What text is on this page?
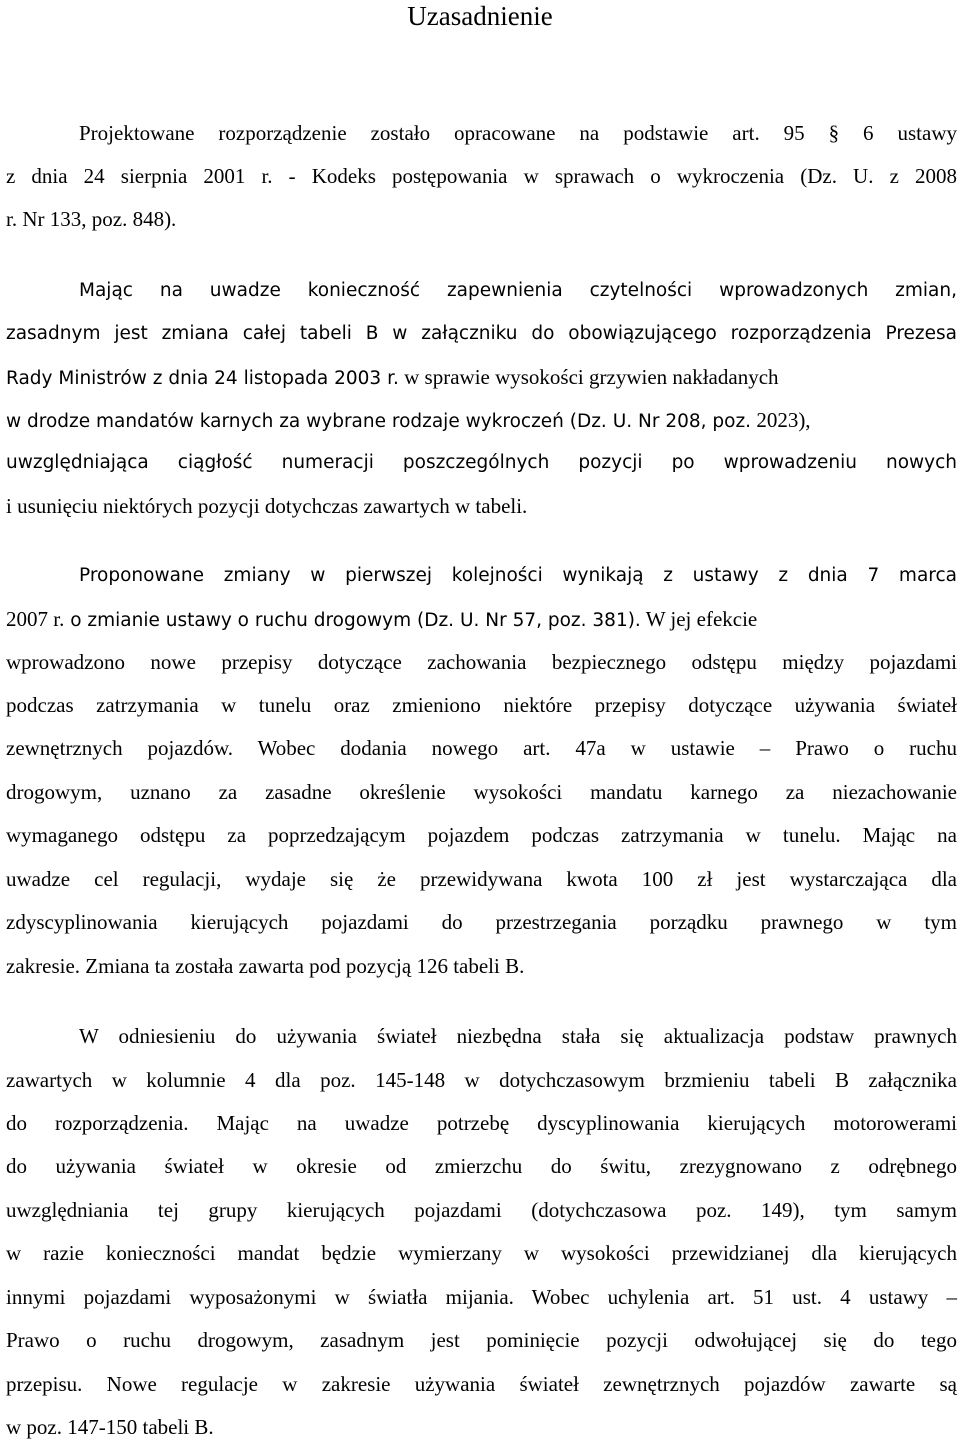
Uzasadnienie

Projektowane rozporządzenie zostało opracowane na podstawie art. 95 § 6 ustawy

z dnia 24 sierpnia 2001 r. - Kodeks postępowania w sprawach o wykroczenia (Dz. U. z 2008

r. Nr 133, poz. 848).

Mając na uwadze konieczność zapewnienia czytelności wprowadzonych zmian,

zasadnym jest zmiana całej tabeli B w załączniku do obowiązującego rozporządzenia Prezesa

Rady Ministrów z dnia 24 listopada 2003 r. w sprawie wysokości grzywien nakładanych

w drodze mandatów karnych za wybrane rodzaje wykroczeń (Dz. U. Nr 208, poz. 2023),

uwzględniająca ciągłość numeracji poszczególnych pozycji po wprowadzeniu nowych

i usunięciu niektórych pozycji dotychczas zawartych w tabeli.

Proponowane zmiany w pierwszej kolejności wynikają z ustawy z dnia 7 marca

2007 r. o zmianie ustawy o ruchu drogowym (Dz. U. Nr 57, poz. 381). W jej efekcie

wprowadzono nowe przepisy dotyczące zachowania bezpiecznego odstępu między pojazdami

podczas zatrzymania w tunelu oraz zmieniono niektóre przepisy dotyczące używania świateł

zewnętrznych pojazdów. Wobec dodania nowego art. 47a w ustawie ‒ Prawo o ruchu

drogowym, uznano za zasadne określenie wysokości mandatu karnego za niezachowanie

wymaganego odstępu za poprzedzającym pojazdem podczas zatrzymania w tunelu. Mając na

uwadze cel regulacji, wydaje się że przewidywana kwota 100 zł jest wystarczająca dla

zdyscyplinowania kierujących pojazdami do przestrzegania porządku prawnego w tym

zakresie. Zmiana ta została zawarta pod pozycją 126 tabeli B.

W odniesieniu do używania świateł niezbędna stała się aktualizacja podstaw prawnych

zawartych w kolumnie 4 dla poz. 145-148 w dotychczasowym brzmieniu tabeli B załącznika

do rozporządzenia. Mając na uwadze potrzebę dyscyplinowania kierujących motorowerami

do używania świateł w okresie od zmierzchu do świtu, zrezygnowano z odrębnego

uwzględniania tej grupy kierujących pojazdami (dotychczasowa poz. 149), tym samym

w razie konieczności mandat będzie wymierzany w wysokości przewidzianej dla kierujących

innymi pojazdami wyposażonymi w światła mijania. Wobec uchylenia art. 51 ust. 4 ustawy ‒

Prawo o ruchu drogowym, zasadnym jest pominięcie pozycji odwołującej się do tego

przepisu. Nowe regulacje w zakresie używania świateł zewnętrznych pojazdów zawarte są

w poz. 147-150 tabeli B.
